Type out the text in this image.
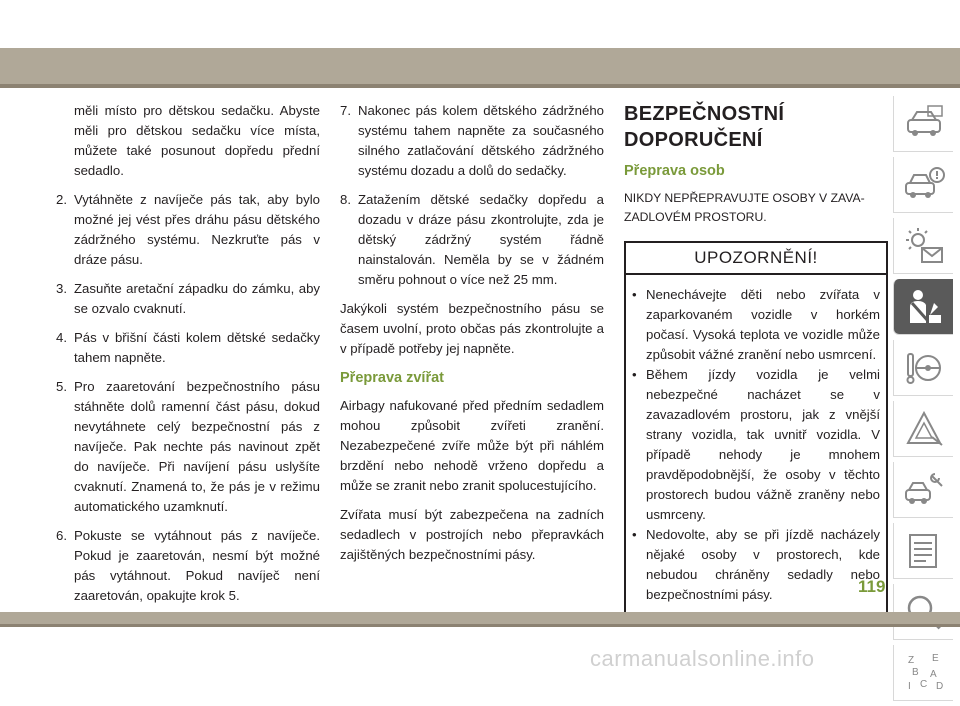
měli místo pro dětskou sedačku. Abyste měli pro dětskou sedačku více místa, můžete také posunout dopředu přední sedadlo.
2. Vytáhněte z navíječe pás tak, aby bylo možné jej vést přes dráhu pásu dětského zádržného systému. Nezkruťte pás v dráze pásu.
3. Zasuňte aretační západku do zámku, aby se ozvalo cvaknutí.
4. Pás v břišní části kolem dětské sedačky tahem napněte.
5. Pro zaaretování bezpečnostního pásu stáhněte dolů ramenní část pásu, dokud nevytáhnete celý bezpečnostní pás z navíječe. Pak nechte pás navinout zpět do navíječe. Při navíjení pásu uslyšíte cvaknutí. Znamená to, že pás je v režimu automatického uzamknutí.
6. Pokuste se vytáhnout pás z navíječe. Pokud je zaaretován, nesmí být možné pás vytáhnout. Pokud navíječ není zaaretován, opakujte krok 5.
7. Nakonec pás kolem dětského zádržného systému tahem napněte za současného silného zatlačování dětského zádržného systému dozadu a dolů do sedačky.
8. Zatažením dětské sedačky dopředu a dozadu v dráze pásu zkontrolujte, zda je dětský zádržný systém řádně nainstalován. Neměla by se v žádném směru pohnout o více než 25 mm.
Jakýkoli systém bezpečnostního pásu se časem uvolní, proto občas pás zkontrolujte a v případě potřeby jej napněte.
Přeprava zvířat
Airbagy nafukované před předním sedadlem mohou způsobit zvířeti zranění. Nezabezpečené zvíře může být při náhlém brzdění nebo nehodě vrženo dopředu a může se zranit nebo zranit spolucestujícího.
Zvířata musí být zabezpečena na zadních sedadlech v postrojích nebo přepravkách zajištěných bezpečnostními pásy.
BEZPEČNOSTNÍ
DOPORUČENÍ
Přeprava osob
NIKDY NEPŘEPRAVUJTE OSOBY V ZAVA-
ZADLOVÉM PROSTORU.
UPOZORNĚNÍ!
• Nenechávejte děti nebo zvířata v zaparkovaném vozidle v horkém počasí. Vysoká teplota ve vozidle může způsobit vážné zranění nebo usmrcení.
• Během jízdy vozidla je velmi nebezpečné nacházet se v zavazadlovém prostoru, jak z vnější strany vozidla, tak uvnitř vozidla. V případě nehody je mnohem pravděpodobnější, že osoby v těchto prostorech budou vážně zraněny nebo usmrceny.
• Nedovolte, aby se při jízdě nacházely nějaké osoby v prostorech, kde nebudou chráněny sedadly nebo bezpečnostními pásy.
Z E
B A
C D
I
119
carmanualsonline.info
